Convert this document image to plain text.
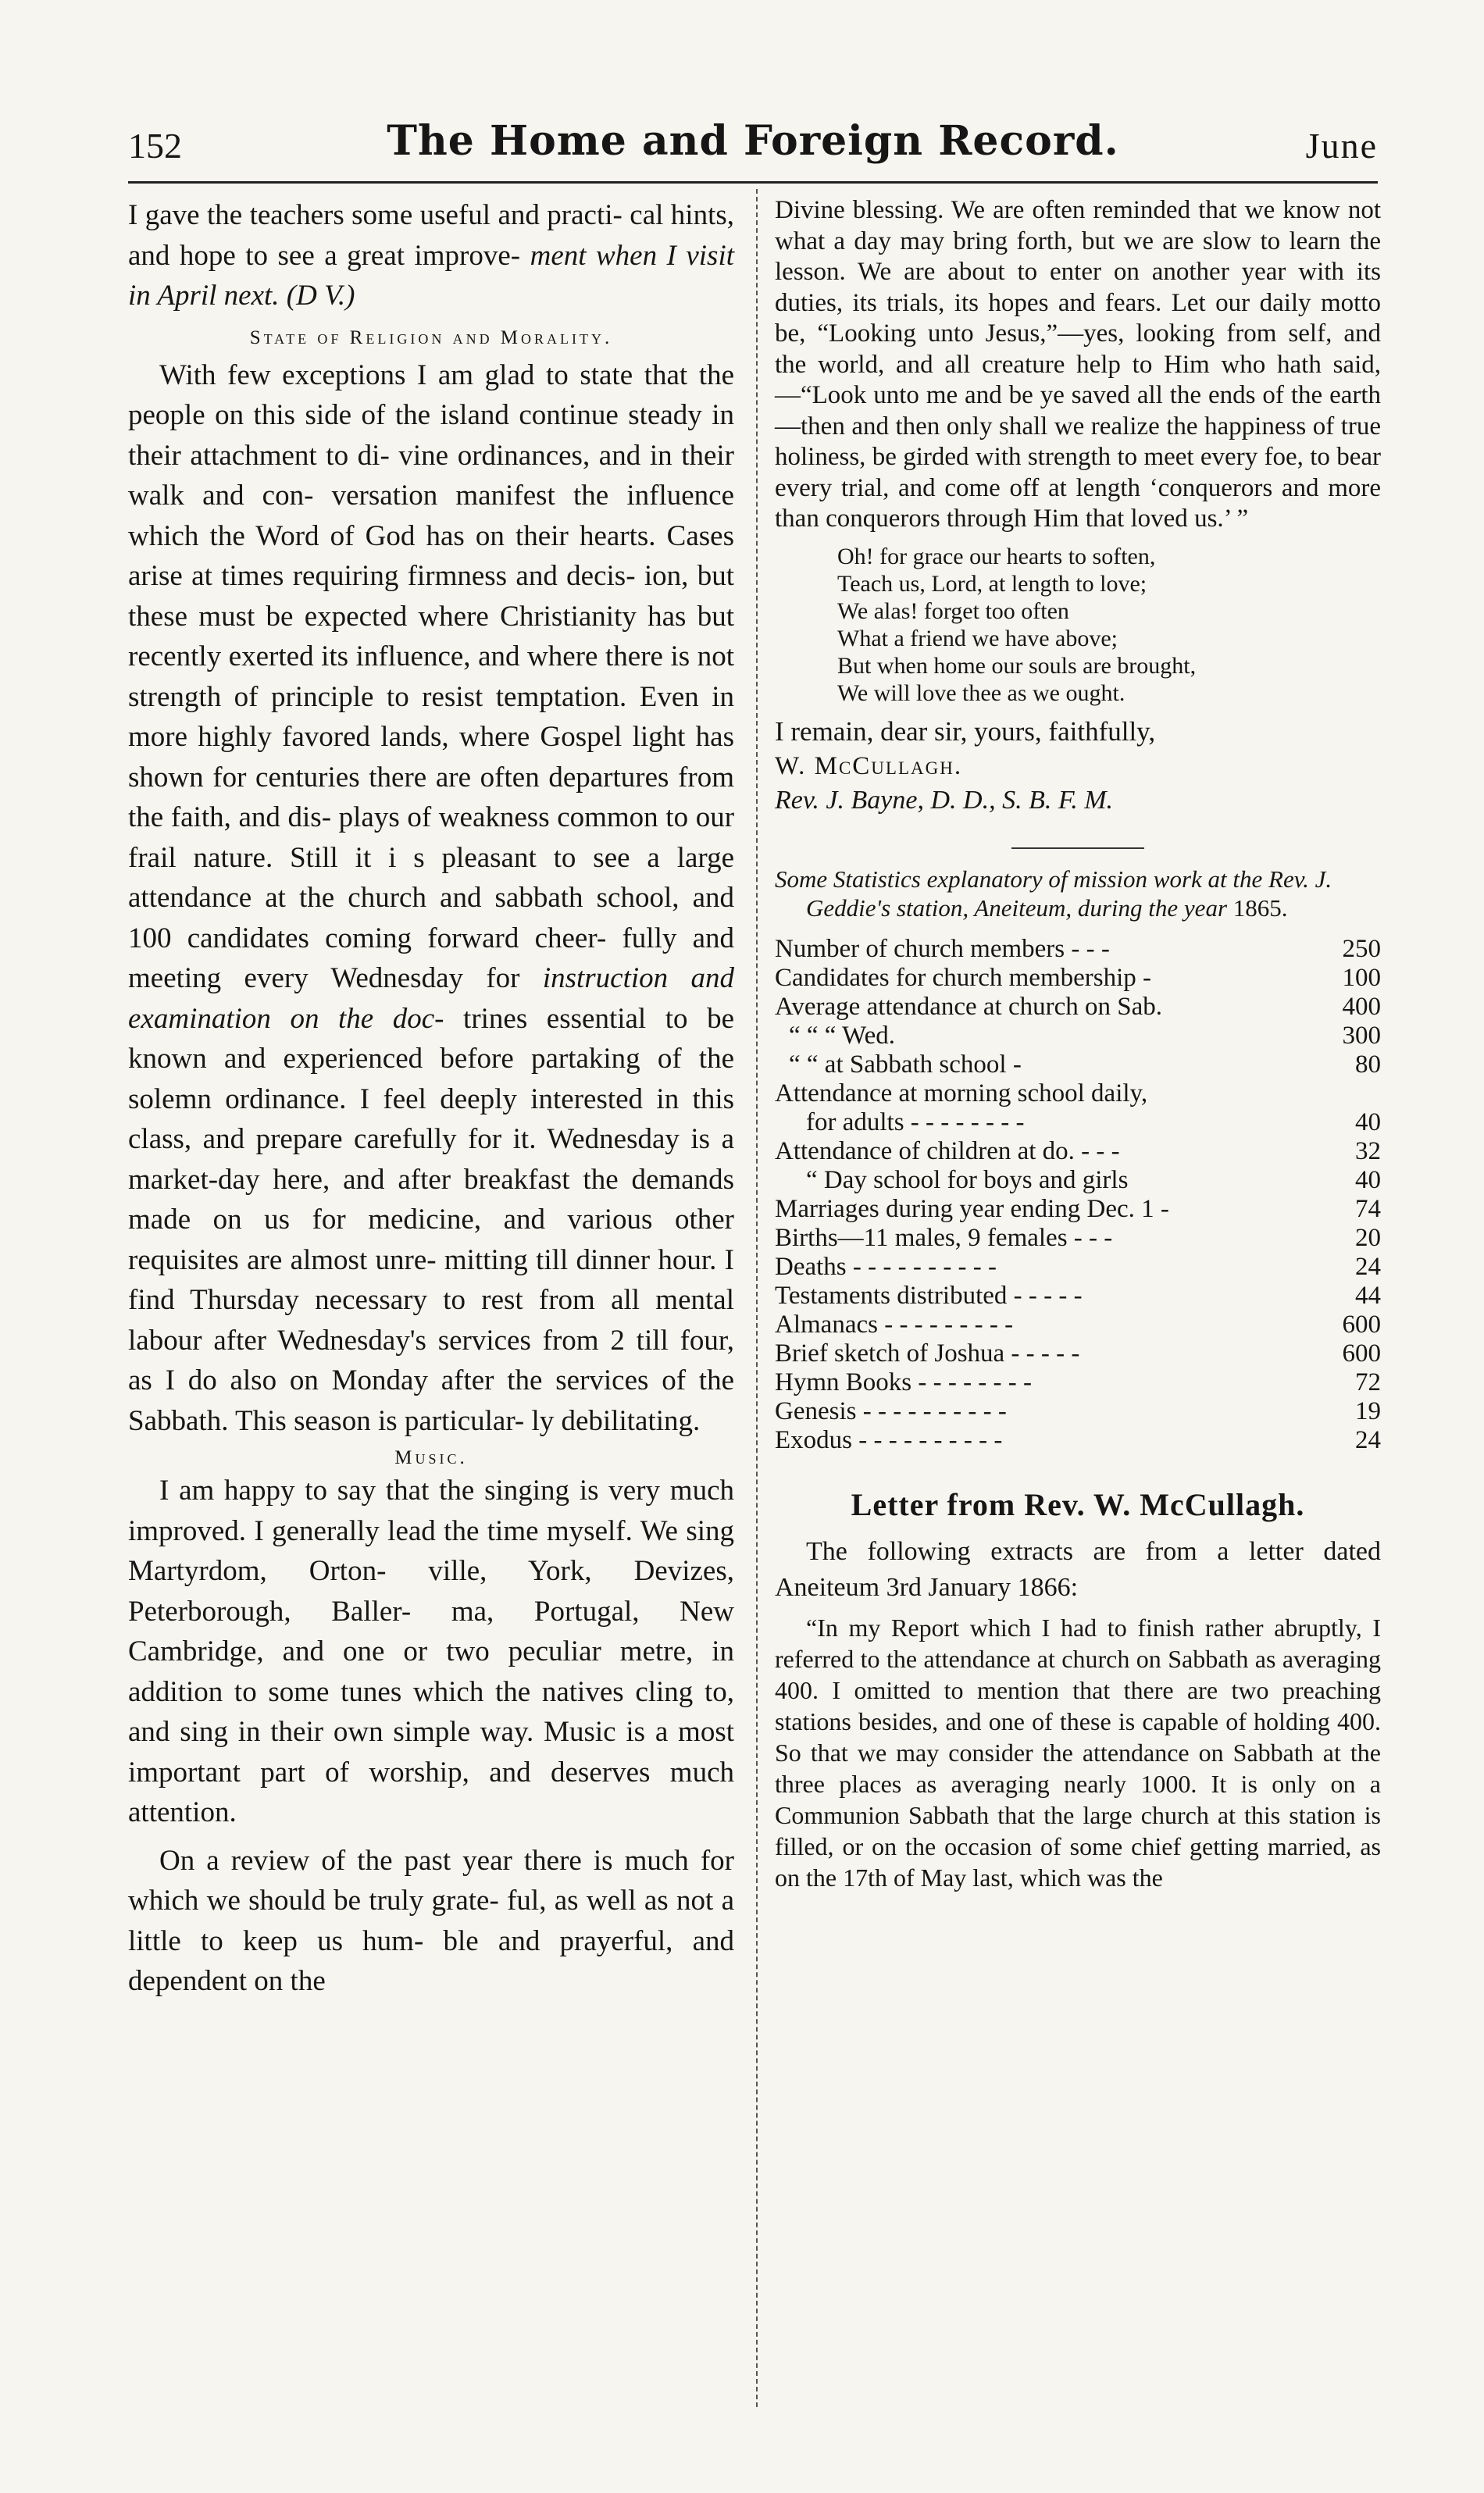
152	The Home and Foreign Record.	June

I gave the teachers some useful and practi- cal hints, and hope to see a great improve- ment when I visit in April next. (D V.)

State of Religion and Morality.

With few exceptions I am glad to state that the people on this side of the island continue steady in their attachment to di- vine ordinances, and in their walk and con- versation manifest the influence which the Word of God has on their hearts. Cases arise at times requiring firmness and decis- ion, but these must be expected where Christianity has but recently exerted its influence, and where there is not strength of principle to resist temptation. Even in more highly favored lands, where Gospel light has shown for centuries there are often departures from the faith, and dis- plays of weakness common to our frail nature. Still it i s pleasant to see a large attendance at the church and sabbath school, and 100 candidates coming forward cheer- fully and meeting every Wednesday for instruction and examination on the doc- trines essential to be known and experienced before partaking of the solemn ordinance. I feel deeply interested in this class, and prepare carefully for it. Wednesday is a market-day here, and after breakfast the demands made on us for medicine, and various other requisites are almost unre- mitting till dinner hour. I find Thursday necessary to rest from all mental labour after Wednesday's services from 2 till four, as I do also on Monday after the services of the Sabbath. This season is particular- ly debilitating.

Music.

I am happy to say that the singing is very much improved. I generally lead the time myself. We sing Martyrdom, Orton- ville, York, Devizes, Peterborough, Baller- ma, Portugal, New Cambridge, and one or two peculiar metre, in addition to some tunes which the natives cling to, and sing in their own simple way. Music is a most important part of worship, and deserves much attention.

On a review of the past year there is much for which we should be truly grate- ful, as well as not a little to keep us hum- ble and prayerful, and dependent on the

Divine blessing. We are often reminded that we know not what a day may bring forth, but we are slow to learn the lesson. We are about to enter on another year with its duties, its trials, its hopes and fears. Let our daily motto be, “Looking unto Jesus,”—yes, looking from self, and the world, and all creature help to Him who hath said,—“Look unto me and be ye saved all the ends of the earth—then and then only shall we realize the happiness of true holiness, be girded with strength to meet every foe, to bear every trial, and come off at length ‘conquerors and more than conquerors through Him that loved us.’ ”

Oh! for grace our hearts to soften,
Teach us, Lord, at length to love;
We alas! forget too often
What a friend we have above;
But when home our souls are brought,
We will love thee as we ought.

I remain, dear sir, yours, faithfully,

W. McCullagh.

Rev. J. Bayne, D. D., S. B. F. M.

Some Statistics explanatory of mission work at the Rev. J. Geddie's station, Aneiteum, during the year 1865.
Number of church members - - -	250
Candidates for church membership -	100
Average attendance at church on Sab.	400
“ “ “ Wed.	300
“ “ at Sabbath school -	80
Attendance at morning school daily,	
for adults - - - - - - - -	40
Attendance of children at do. - - -	32
“ Day school for boys and girls	40
Marriages during year ending Dec. 1 -	74
Births—11 males, 9 females - - -	20
Deaths - - - - - - - - - -	24
Testaments distributed - - - - -	44
Almanacs - - - - - - - - -	600
Brief sketch of Joshua - - - - -	600
Hymn Books - - - - - - - -	72
Genesis - - - - - - - - - -	19
Exodus - - - - - - - - - -	24
Letter from Rev. W. McCullagh.

The following extracts are from a letter dated Aneiteum 3rd January 1866:

“In my Report which I had to finish rather abruptly, I referred to the attendance at church on Sabbath as averaging 400. I omitted to mention that there are two preaching stations besides, and one of these is capable of holding 400. So that we may consider the attendance on Sabbath at the three places as averaging nearly 1000. It is only on a Communion Sabbath that the large church at this station is filled, or on the occasion of some chief getting married, as on the 17th of May last, which was the
